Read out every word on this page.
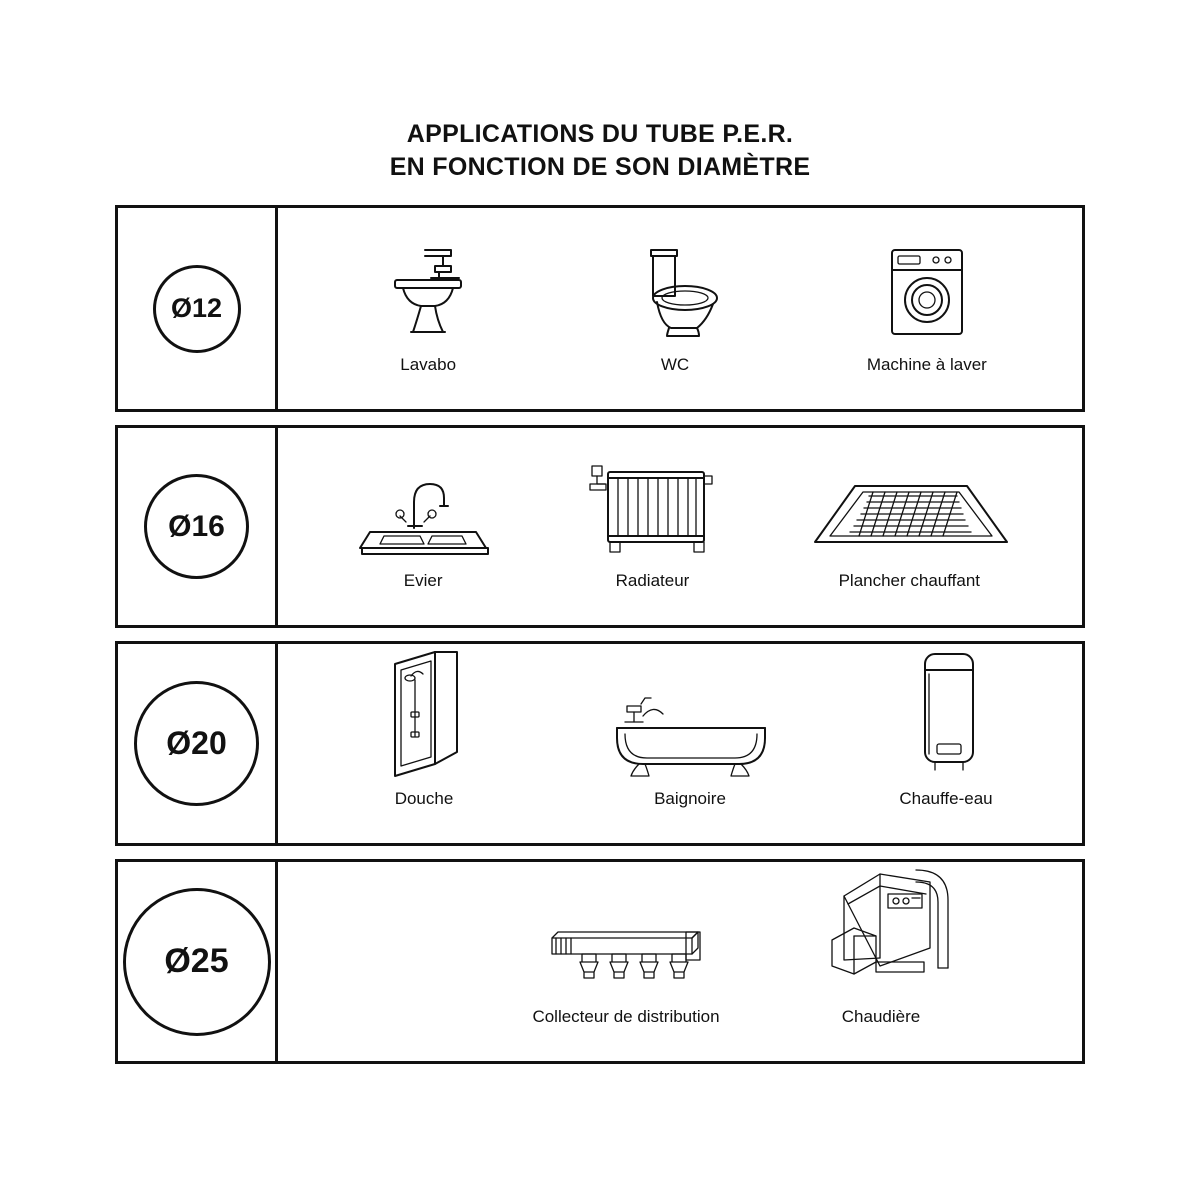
APPLICATIONS DU TUBE P.E.R.
EN FONCTION DE SON DIAMÈTRE
Ø12
Lavabo	WC	Machine à laver
Ø16
Evier	Radiateur	Plancher chauffant
Ø20
Douche	Baignoire	Chauffe-eau
Ø25
Collecteur de distribution	Chaudière
